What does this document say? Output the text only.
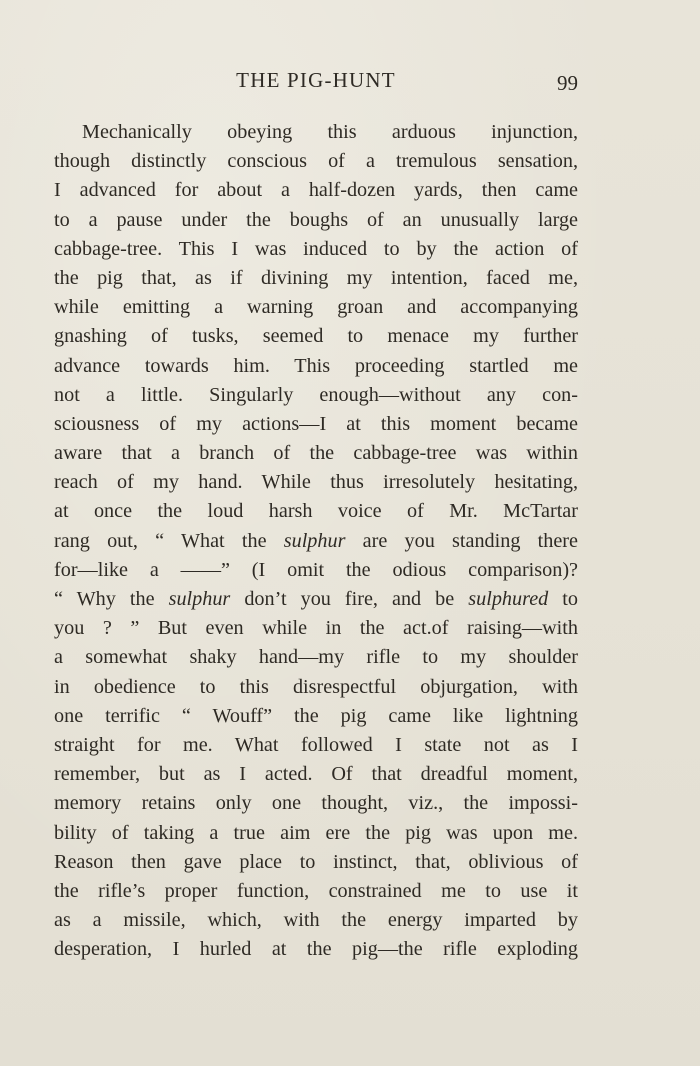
THE PIG-HUNT	99
Mechanically obeying this arduous injunction,
though distinctly conscious of a tremulous sensation,
I advanced for about a half-dozen yards, then came
to a pause under the boughs of an unusually large
cabbage-tree. This I was induced to by the action of
the pig that, as if divining my intention, faced me,
while emitting a warning groan and accompanying
gnashing of tusks, seemed to menace my further
advance towards him. This proceeding startled me
not a little. Singularly enough—without any con-
sciousness of my actions—I at this moment became
aware that a branch of the cabbage-tree was within
reach of my hand. While thus irresolutely hesitating,
at once the loud harsh voice of Mr. McTartar
rang out, “ What the sulphur are you standing there
for—like a ——” (I omit the odious comparison)?
“ Why the sulphur don’t you fire, and be sulphured to
you ? ” But even while in the act.of raising—with
a somewhat shaky hand—my rifle to my shoulder
in obedience to this disrespectful objurgation, with
one terrific “ Wouff” the pig came like lightning
straight for me. What followed I state not as I
remember, but as I acted. Of that dreadful moment,
memory retains only one thought, viz., the impossi-
bility of taking a true aim ere the pig was upon me.
Reason then gave place to instinct, that, oblivious of
the rifle’s proper function, constrained me to use it
as a missile, which, with the energy imparted by
desperation, I hurled at the pig—the rifle exploding
